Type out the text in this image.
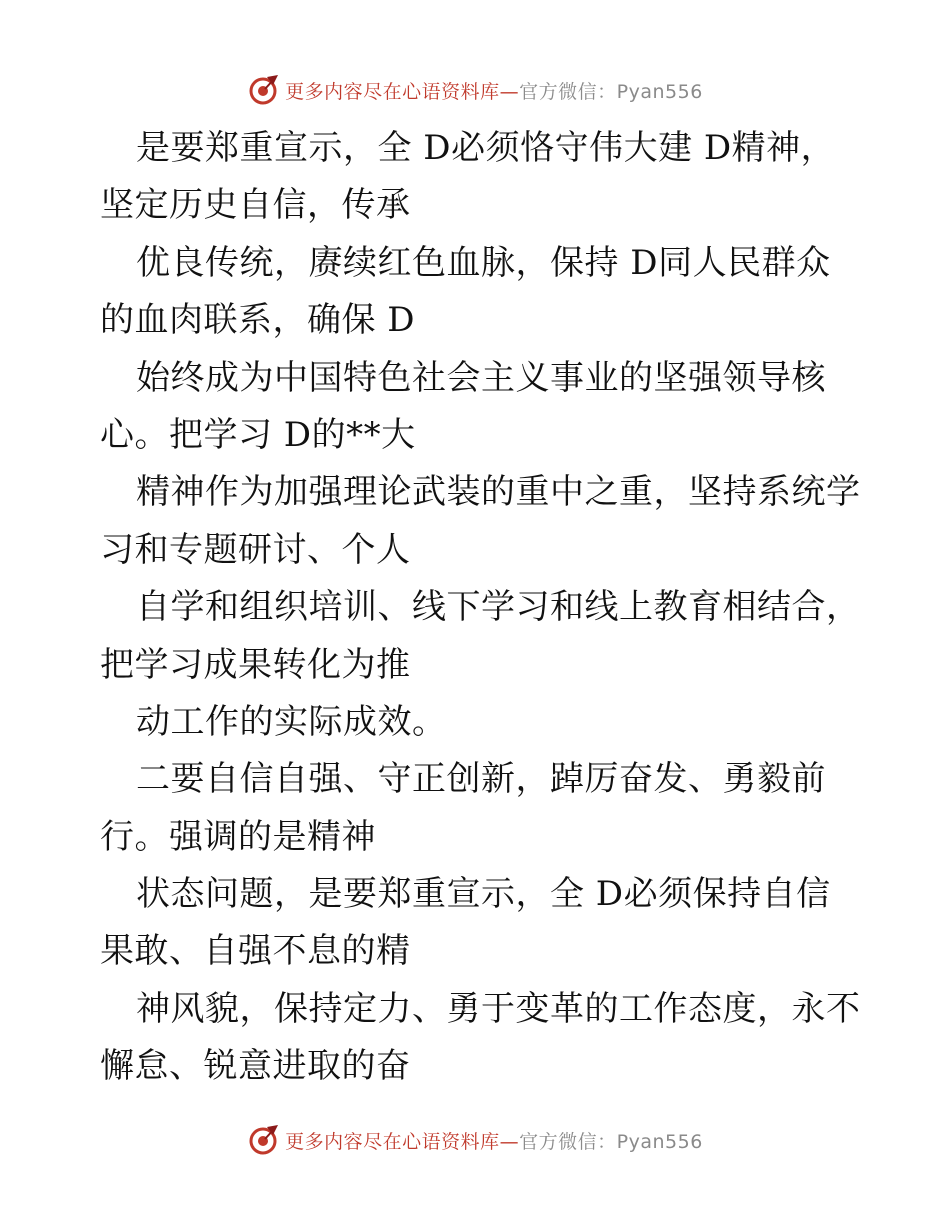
更多内容尽在心语资料库—官方微信：Pyan556
是要郑重宣示，全 D必须恪守伟大建 D精神，
坚定历史自信，传承
优良传统，赓续红色血脉，保持 D同人民群众
的血肉联系，确保 D
始终成为中国特色社会主义事业的坚强领导核
心。把学习 D的**大
精神作为加强理论武装的重中之重，坚持系统学
习和专题研讨、个人
自学和组织培训、线下学习和线上教育相结合，
把学习成果转化为推
动工作的实际成效。
二要自信自强、守正创新，踔厉奋发、勇毅前
行。强调的是精神
状态问题，是要郑重宣示，全 D必须保持自信
果敢、自强不息的精
神风貌，保持定力、勇于变革的工作态度，永不
懈怠、锐意进取的奋
更多内容尽在心语资料库—官方微信：Pyan556
